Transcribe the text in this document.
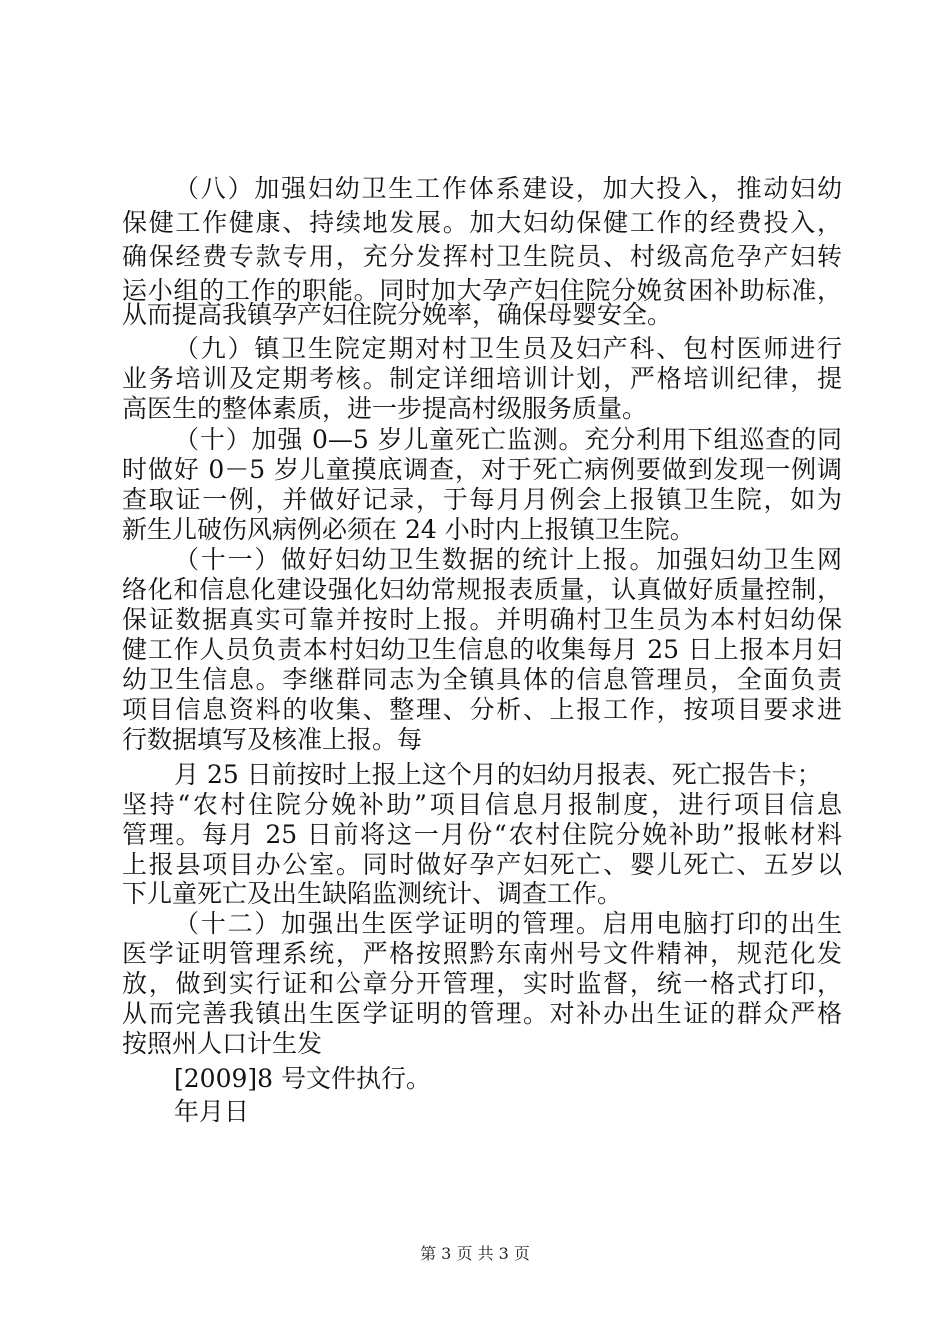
（八）加强妇幼卫生工作体系建设，加大投入，推动妇幼
保健工作健康、持续地发展。加大妇幼保健工作的经费投入，
确保经费专款专用，充分发挥村卫生院员、村级高危孕产妇转
运小组的工作的职能。同时加大孕产妇住院分娩贫困补助标准，
从而提高我镇孕产妇住院分娩率，确保母婴安全。
（九）镇卫生院定期对村卫生员及妇产科、包村医师进行
业务培训及定期考核。制定详细培训计划，严格培训纪律，提
高医生的整体素质，进一步提高村级服务质量。
（十）加强 0—5 岁儿童死亡监测。充分利用下组巡查的同
时做好 0－5 岁儿童摸底调查，对于死亡病例要做到发现一例调
查取证一例，并做好记录，于每月月例会上报镇卫生院，如为
新生儿破伤风病例必须在 24 小时内上报镇卫生院。
（十一）做好妇幼卫生数据的统计上报。加强妇幼卫生网
络化和信息化建设强化妇幼常规报表质量，认真做好质量控制，
保证数据真实可靠并按时上报。并明确村卫生员为本村妇幼保
健工作人员负责本村妇幼卫生信息的收集每月 25 日上报本月妇
幼卫生信息。李继群同志为全镇具体的信息管理员，全面负责
项目信息资料的收集、整理、分析、上报工作，按项目要求进
行数据填写及核准上报。每
月 25 日前按时上报上这个月的妇幼月报表、死亡报告卡；
坚持“农村住院分娩补助”项目信息月报制度，进行项目信息
管理。每月 25 日前将这一月份“农村住院分娩补助”报帐材料
上报县项目办公室。同时做好孕产妇死亡、婴儿死亡、五岁以
下儿童死亡及出生缺陷监测统计、调查工作。
（十二）加强出生医学证明的管理。启用电脑打印的出生
医学证明管理系统，严格按照黔东南州号文件精神，规范化发
放，做到实行证和公章分开管理，实时监督，统一格式打印，
从而完善我镇出生医学证明的管理。对补办出生证的群众严格
按照州人口计生发
[2009]8 号文件执行。
年月日
第 3 页 共 3 页
